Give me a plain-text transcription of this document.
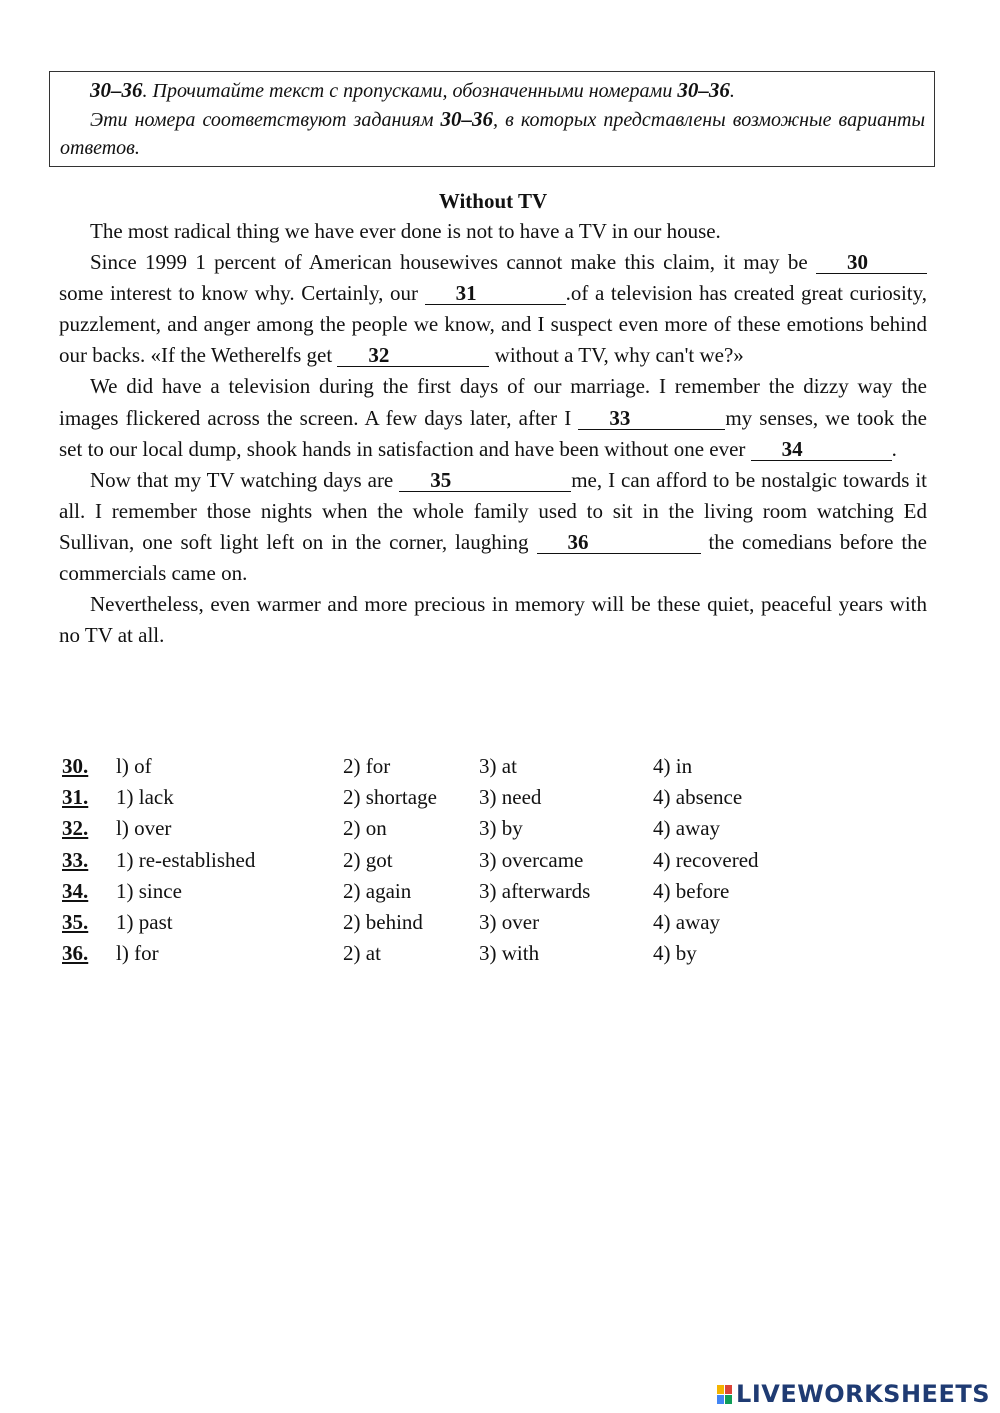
30–36. Прочитайте текст с пропусками, обозначенными номерами 30–36.

Эти номера соответствуют заданиям 30–36, в которых представлены возможные варианты ответов.

Without TV

The most radical thing we have ever done is not to have a TV in our house.

Since 1999 1 percent of American housewives cannot make this claim, it may be 30 some interest to know why. Certainly, our 31	.of a television has created great curiosity, puzzlement, and anger among the people we know, and I suspect even more of these emotions behind our backs. «If the Wetherelfs get 32	without a TV, why can't we?»

We did have a television during the first days of our marriage. I remember the dizzy way the images flickered across the screen. A few days later, after I 33	my senses, we took the set to our local dump, shook hands in satisfaction and have been without one ever 34	.

Now that my TV watching days are 35	me, I can afford to be nostalgic towards it all. I remember those nights when the whole family used to sit in the living room watching Ed Sullivan, one soft light left on in the corner, laughing 36	the comedians before the commercials came on.

Nevertheless, even warmer and more precious in memory will be these quiet, peaceful years with no TV at all.

30. l) of	2) for	3) at	4) in
31. 1) lack	2) shortage 3) need	4) absence
32. l) over	2) on	3) by	4) away
33. 1) re-established	2) got	3) overcame	4) recovered
34. 1) since	2) again	3) afterwards	4) before
35. 1) past	2) behind	3) over	4) away
36. l) for	2) at	3) with	4) by
LIVEWORKSHEETS
